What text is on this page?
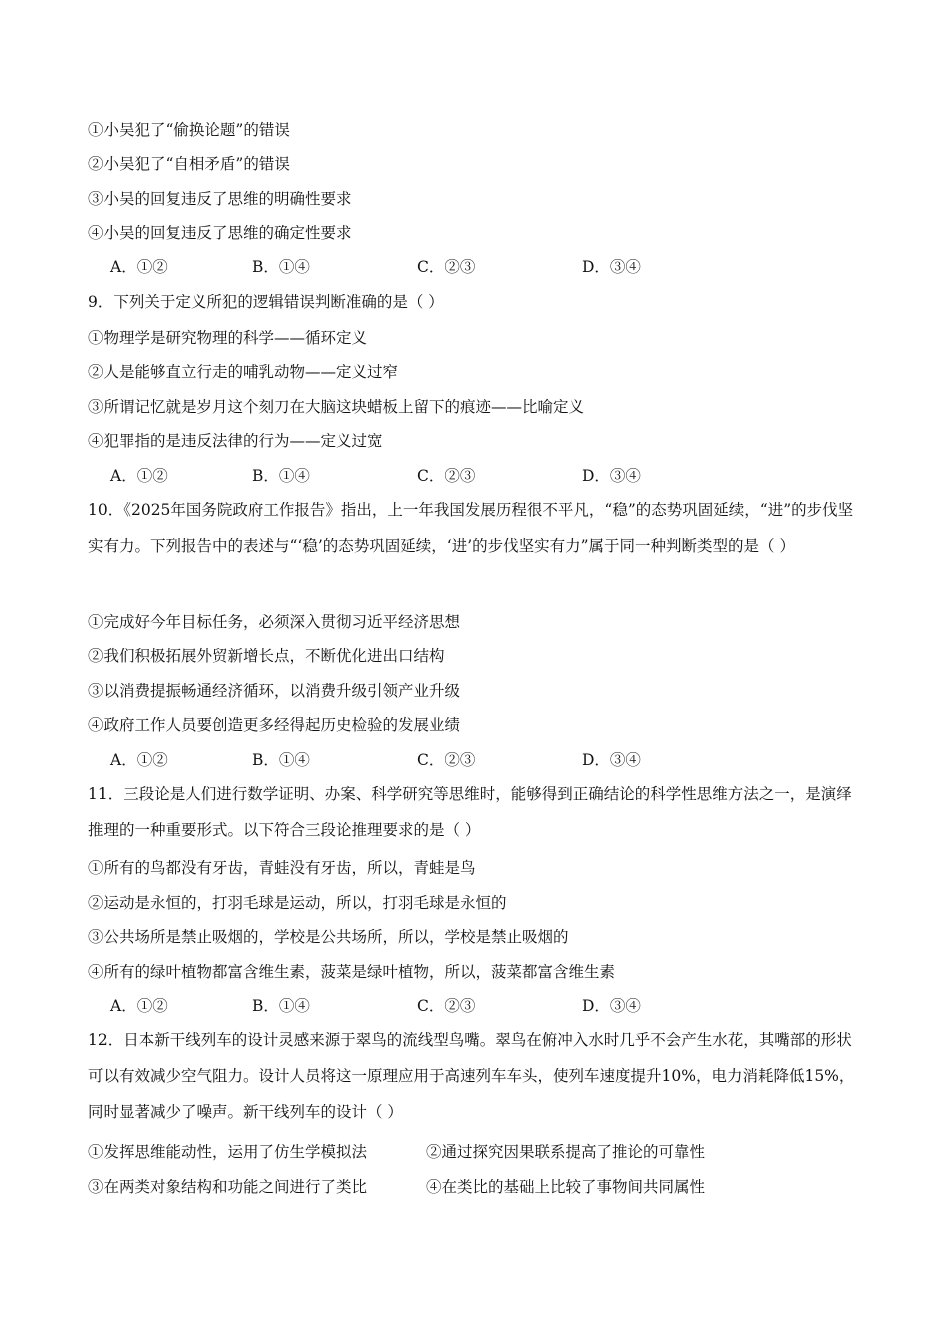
①小吴犯了“偷换论题”的错误
②小吴犯了“自相矛盾”的错误
③小吴的回复违反了思维的明确性要求
④小吴的回复违反了思维的确定性要求
A．①②	B．①④	C．②③	D．③④
9．下列关于定义所犯的逻辑错误判断准确的是（ ）
①物理学是研究物理的科学——循环定义
②人是能够直立行走的哺乳动物——定义过窄
③所谓记忆就是岁月这个刻刀在大脑这块蜡板上留下的痕迹——比喻定义
④犯罪指的是违反法律的行为——定义过宽
A．①②	B．①④	C．②③	D．③④
10．《2025年国务院政府工作报告》指出，上一年我国发展历程很不平凡，“稳”的态势巩固延续，“进”的步伐坚实有力。下列报告中的表述与“‘稳’的态势巩固延续，‘进’的步伐坚实有力”属于同一种判断类型的是（ ）
①完成好今年目标任务，必须深入贯彻习近平经济思想
②我们积极拓展外贸新增长点，不断优化进出口结构
③以消费提振畅通经济循环，以消费升级引领产业升级
④政府工作人员要创造更多经得起历史检验的发展业绩
A．①②	B．①④	C．②③	D．③④
11．三段论是人们进行数学证明、办案、科学研究等思维时，能够得到正确结论的科学性思维方法之一，是演绎推理的一种重要形式。以下符合三段论推理要求的是（ ）
①所有的鸟都没有牙齿，青蛙没有牙齿，所以，青蛙是鸟
②运动是永恒的，打羽毛球是运动，所以，打羽毛球是永恒的
③公共场所是禁止吸烟的，学校是公共场所，所以，学校是禁止吸烟的
④所有的绿叶植物都富含维生素，菠菜是绿叶植物，所以，菠菜都富含维生素
A．①②	B．①④	C．②③	D．③④
12．日本新干线列车的设计灵感来源于翠鸟的流线型鸟嘴。翠鸟在俯冲入水时几乎不会产生水花，其嘴部的形状可以有效减少空气阻力。设计人员将这一原理应用于高速列车车头，使列车速度提升10%，电力消耗降低15%，同时显著减少了噪声。新干线列车的设计（ ）
①发挥思维能动性，运用了仿生学模拟法	②通过探究因果联系提高了推论的可靠性
③在两类对象结构和功能之间进行了类比	④在类比的基础上比较了事物间共同属性
